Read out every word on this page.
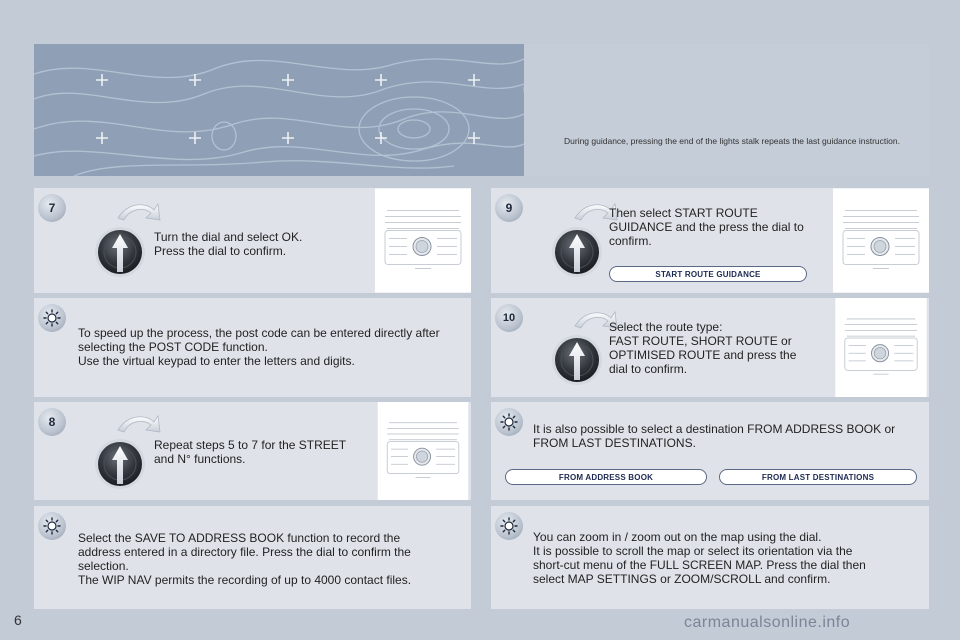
During guidance, pressing the end of the lights stalk repeats the last guidance instruction.
7
Turn the dial and select OK.
Press the dial to confirm.
9	Then select START ROUTE
GUIDANCE and the press the dial to
confirm.
START ROUTE GUIDANCE
To speed up the process, the post code can be entered directly after
selecting the POST CODE function.
Use the virtual keypad to enter the letters and digits.
10
Select the route type:
FAST ROUTE, SHORT ROUTE or
OPTIMISED ROUTE and press the
dial to confirm.
8
Repeat steps 5 to 7 for the STREET
and N° functions.
It is also possible to select a destination FROM ADDRESS BOOK or
FROM LAST DESTINATIONS.
FROM ADDRESS BOOK	FROM LAST DESTINATIONS
Select the SAVE TO ADDRESS BOOK function to record the
address entered in a directory file. Press the dial to confirm the
selection.
The WIP NAV permits the recording of up to 4000 contact files.
You can zoom in / zoom out on the map using the dial.
It is possible to scroll the map or select its orientation via the
short-cut menu of the FULL SCREEN MAP. Press the dial then
select MAP SETTINGS or ZOOM/SCROLL and confirm.
6	carmanualsonline.info
